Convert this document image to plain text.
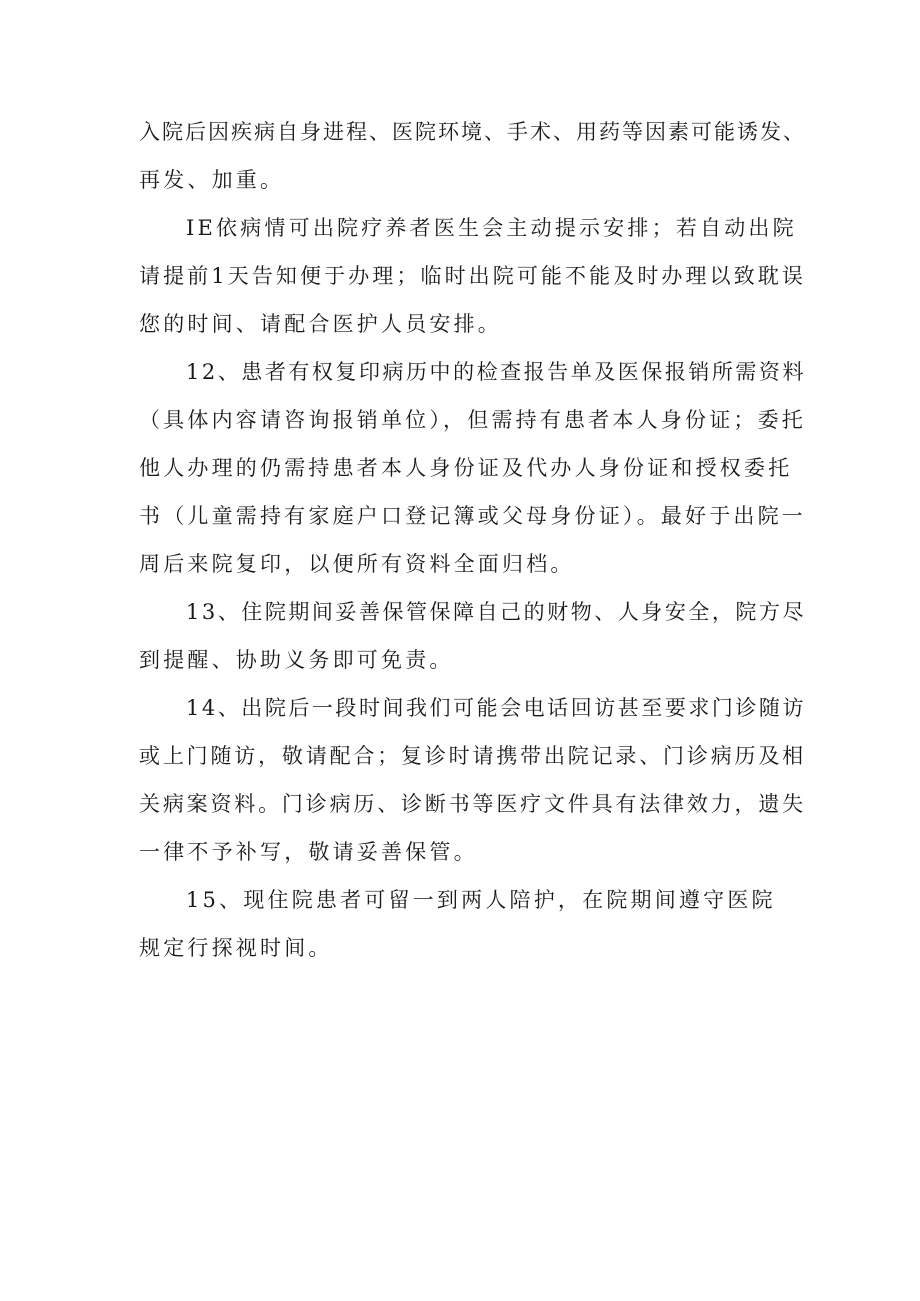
入院后因疾病自身进程、医院环境、手术、用药等因素可能诱发、

再发、加重。

IE依病情可出院疗养者医生会主动提示安排；若自动出院

请提前1天告知便于办理；临时出院可能不能及时办理以致耽误

您的时间、请配合医护人员安排。

12、患者有权复印病历中的检查报告单及医保报销所需资料

（具体内容请咨询报销单位），但需持有患者本人身份证；委托

他人办理的仍需持患者本人身份证及代办人身份证和授权委托

书（儿童需持有家庭户口登记簿或父母身份证）。最好于出院一

周后来院复印，以便所有资料全面归档。

13、住院期间妥善保管保障自己的财物、人身安全，院方尽

到提醒、协助义务即可免责。

14、出院后一段时间我们可能会电话回访甚至要求门诊随访

或上门随访，敬请配合；复诊时请携带出院记录、门诊病历及相

关病案资料。门诊病历、诊断书等医疗文件具有法律效力，遗失

一律不予补写，敬请妥善保管。

15、现住院患者可留一到两人陪护，在院期间遵守医院

规定行探视时间。
